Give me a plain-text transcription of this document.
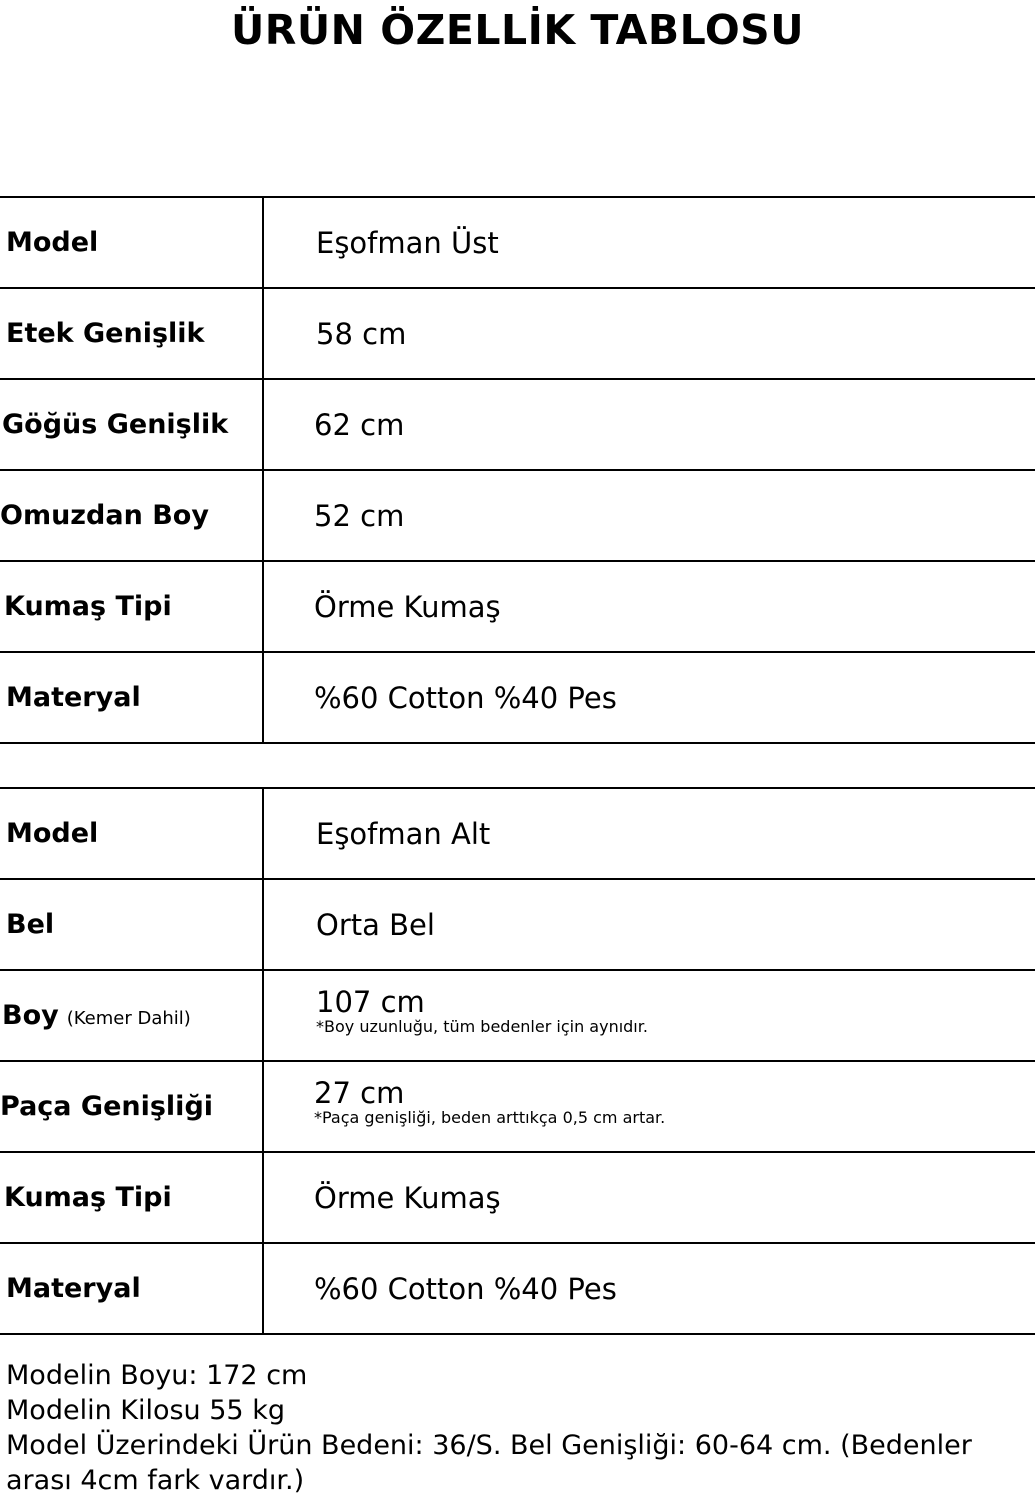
ÜRÜN ÖZELLİK TABLOSU
Model	Eşofman Üst
Etek Genişlik	58 cm
Göğüs Genişlik	62 cm
Omuzdan Boy	52 cm
Kumaş Tipi	Örme Kumaş
Materyal	%60 Cotton %40 Pes
Model	Eşofman Alt
Bel	Orta Bel
Boy (Kemer Dahil)	107 cm
*Boy uzunluğu, tüm bedenler için aynıdır.
Paça Genişliği	27 cm
*Paça genişliği, beden arttıkça 0,5 cm artar.
Kumaş Tipi	Örme Kumaş
Materyal	%60 Cotton %40 Pes
Modelin Boyu: 172 cm
Modelin Kilosu 55 kg
Model Üzerindeki Ürün Bedeni: 36/S. Bel Genişliği: 60-64 cm. (Bedenler arası 4cm fark vardır.)
